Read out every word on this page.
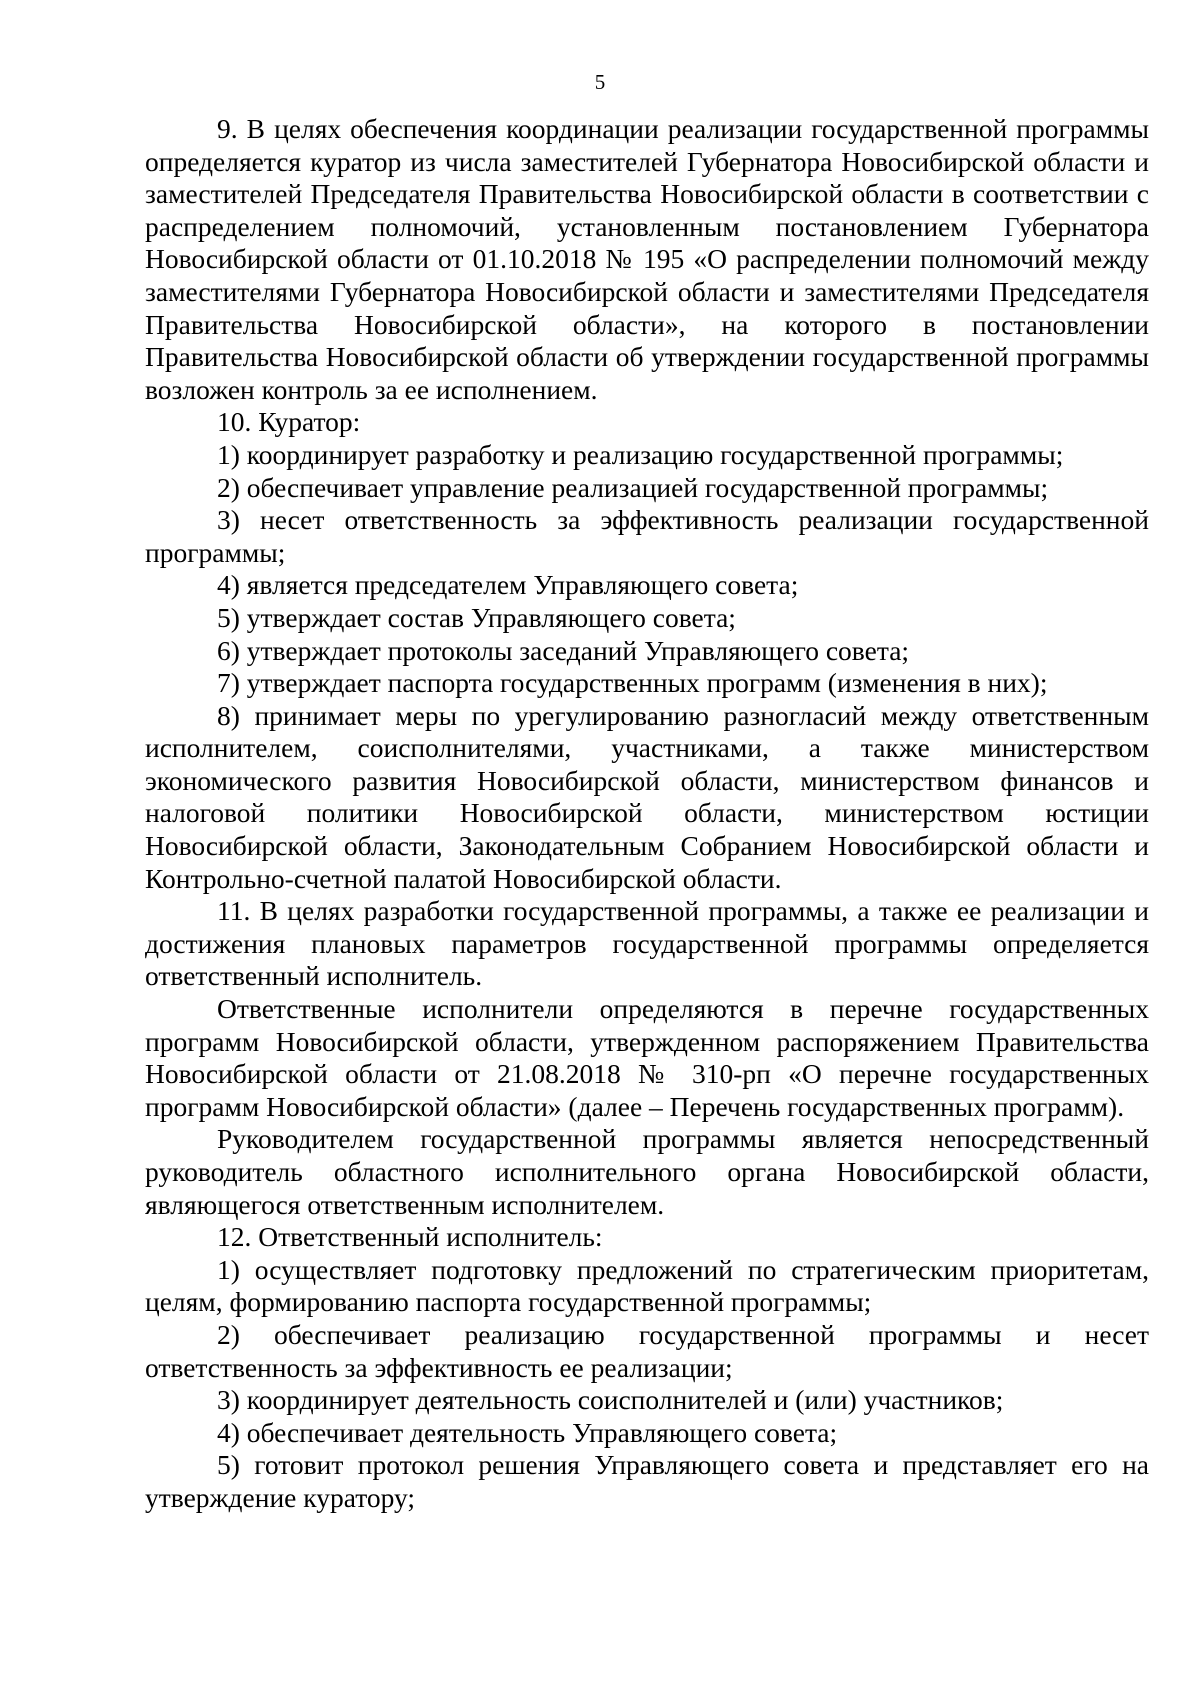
5

9. В целях обеспечения координации реализации государственной программы определяется куратор из числа заместителей Губернатора Новосибирской области и заместителей Председателя Правительства Новосибирской области в соответствии с распределением полномочий, установленным постановлением Губернатора Новосибирской области от 01.10.2018 № 195 «О распределении полномочий между заместителями Губернатора Новосибирской области и заместителями Председателя Правительства Новосибирской области», на которого в постановлении Правительства Новосибирской области об утверждении государственной программы возложен контроль за ее исполнением.

10. Куратор:

1) координирует разработку и реализацию государственной программы;

2) обеспечивает управление реализацией государственной программы;

3) несет ответственность за эффективность реализации государственной программы;

4) является председателем Управляющего совета;

5) утверждает состав Управляющего совета;

6) утверждает протоколы заседаний Управляющего совета;

7) утверждает паспорта государственных программ (изменения в них);

8) принимает меры по урегулированию разногласий между ответственным исполнителем, соисполнителями, участниками, а также министерством экономического развития Новосибирской области, министерством финансов и налоговой политики Новосибирской области, министерством юстиции Новосибирской области, Законодательным Собранием Новосибирской области и Контрольно-счетной палатой Новосибирской области.

11. В целях разработки государственной программы, а также ее реализации и достижения плановых параметров государственной программы определяется ответственный исполнитель.

Ответственные исполнители определяются в перечне государственных программ Новосибирской области, утвержденном распоряжением Правительства Новосибирской области от 21.08.2018 № 310-рп «О перечне государственных программ Новосибирской области» (далее – Перечень государственных программ).

Руководителем государственной программы является непосредственный руководитель областного исполнительного органа Новосибирской области, являющегося ответственным исполнителем.

12. Ответственный исполнитель:

1) осуществляет подготовку предложений по стратегическим приоритетам, целям, формированию паспорта государственной программы;

2) обеспечивает реализацию государственной программы и несет ответственность за эффективность ее реализации;

3) координирует деятельность соисполнителей и (или) участников;

4) обеспечивает деятельность Управляющего совета;

5) готовит протокол решения Управляющего совета и представляет его на утверждение куратору;
